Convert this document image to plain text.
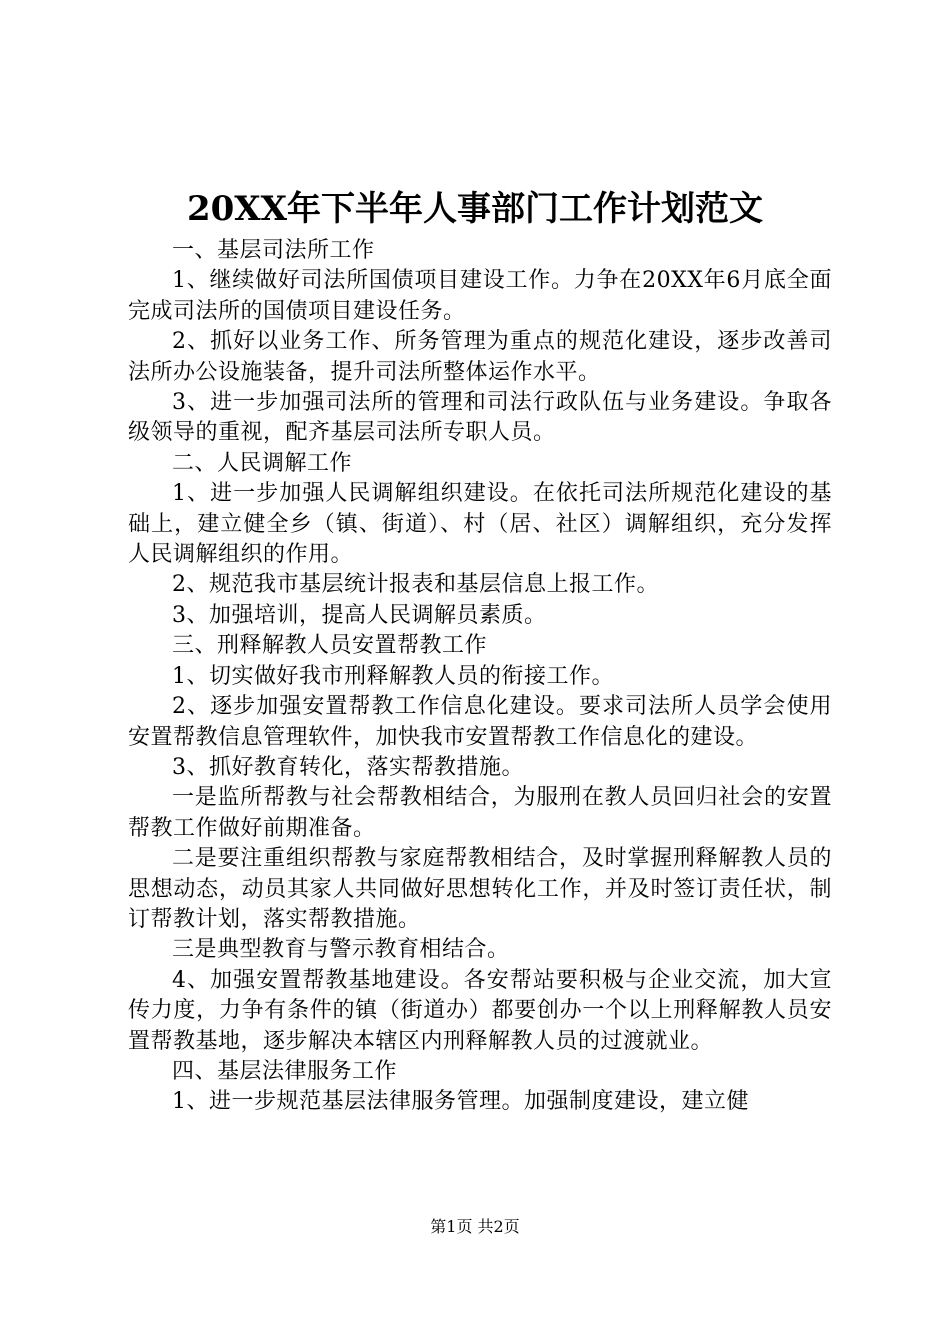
20XX年下半年人事部门工作计划范文

一、基层司法所工作

1、继续做好司法所国债项目建设工作。力争在20XX年6月底全面完成司法所的国债项目建设任务。

2、抓好以业务工作、所务管理为重点的规范化建设，逐步改善司法所办公设施装备，提升司法所整体运作水平。

3、进一步加强司法所的管理和司法行政队伍与业务建设。争取各级领导的重视，配齐基层司法所专职人员。

二、人民调解工作

1、进一步加强人民调解组织建设。在依托司法所规范化建设的基础上，建立健全乡（镇、街道）、村（居、社区）调解组织，充分发挥人民调解组织的作用。

2、规范我市基层统计报表和基层信息上报工作。

3、加强培训，提高人民调解员素质。

三、刑释解教人员安置帮教工作

1、切实做好我市刑释解教人员的衔接工作。

2、逐步加强安置帮教工作信息化建设。要求司法所人员学会使用安置帮教信息管理软件，加快我市安置帮教工作信息化的建设。

3、抓好教育转化，落实帮教措施。

一是监所帮教与社会帮教相结合，为服刑在教人员回归社会的安置帮教工作做好前期准备。

二是要注重组织帮教与家庭帮教相结合，及时掌握刑释解教人员的思想动态，动员其家人共同做好思想转化工作，并及时签订责任状，制订帮教计划，落实帮教措施。

三是典型教育与警示教育相结合。

4、加强安置帮教基地建设。各安帮站要积极与企业交流，加大宣传力度，力争有条件的镇（街道办）都要创办一个以上刑释解教人员安置帮教基地，逐步解决本辖区内刑释解教人员的过渡就业。

四、基层法律服务工作

1、进一步规范基层法律服务管理。加强制度建设，建立健

第1页 共2页
